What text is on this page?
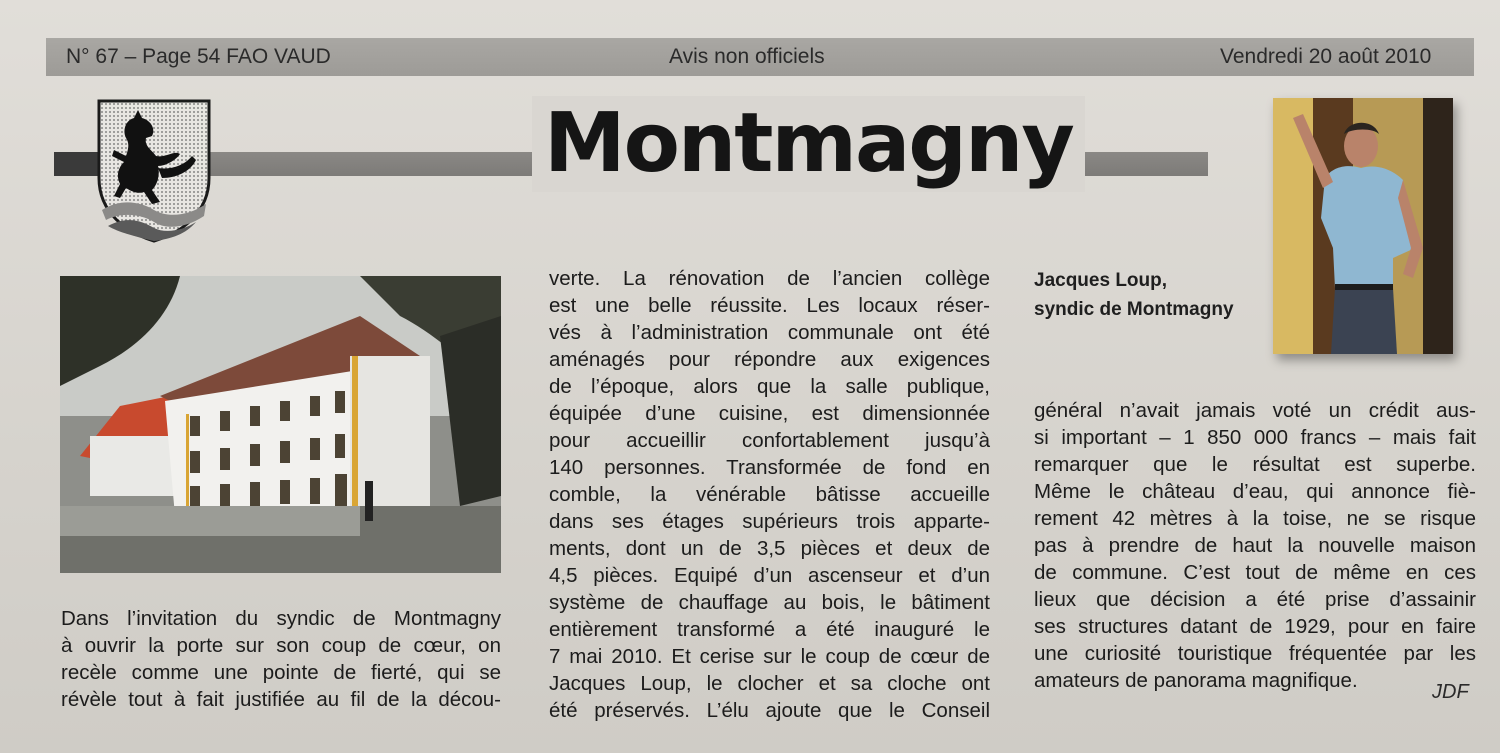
N° 67 – Page 54 FAO VAUD	Avis non officiels	Vendredi 20 août 2010
Montmagny
Dans l’invitation du syndic de Montmagny
à ouvrir la porte sur son coup de cœur, on
recèle comme une pointe de fierté, qui se
révèle tout à fait justifiée au fil de la décou-
verte. La rénovation de l’ancien collège
est une belle réussite. Les locaux réser-
vés à l’administration communale ont été
aménagés pour répondre aux exigences
de l’époque, alors que la salle publique,
équipée d’une cuisine, est dimensionnée
pour accueillir confortablement jusqu’à
140 personnes. Transformée de fond en
comble, la vénérable bâtisse accueille
dans ses étages supérieurs trois apparte-
ments, dont un de 3,5 pièces et deux de
4,5 pièces. Equipé d’un ascenseur et d’un
système de chauffage au bois, le bâtiment
entièrement transformé a été inauguré le
7 mai 2010. Et cerise sur le coup de cœur de
Jacques Loup, le clocher et sa cloche ont
été préservés. L’élu ajoute que le Conseil
Jacques Loup,
syndic de Montmagny
général n’avait jamais voté un crédit aus-
si important – 1 850 000 francs – mais fait
remarquer que le résultat est superbe.
Même le château d’eau, qui annonce fiè-
rement 42 mètres à la toise, ne se risque
pas à prendre de haut la nouvelle maison
de commune. C’est tout de même en ces
lieux que décision a été prise d’assainir
ses structures datant de 1929, pour en faire
une curiosité touristique fréquentée par les
amateurs de panorama magnifique.	JDF
